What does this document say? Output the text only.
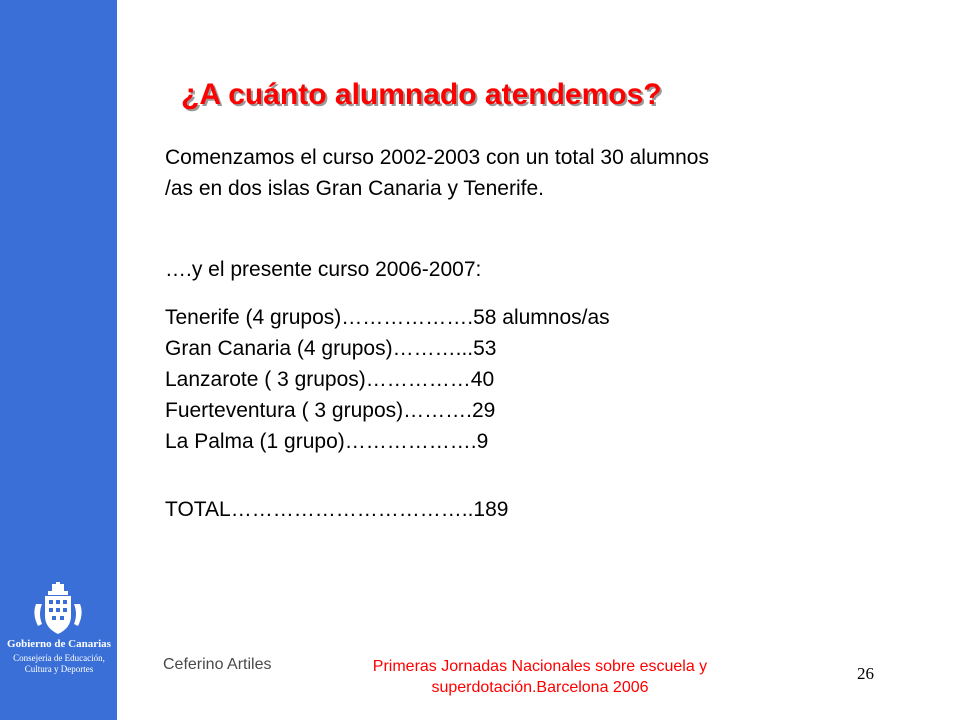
Gobierno de Canarias
Consejería de Educación,
Cultura y Deportes
¿A cuánto alumnado atendemos?
Comenzamos el curso 2002-2003 con un total 30 alumnos
/as en dos islas Gran Canaria y Tenerife.
….y el presente curso 2006-2007:
Tenerife (4 grupos)……………….58 alumnos/as
Gran Canaria (4 grupos)………...53
Lanzarote ( 3 grupos)……………40
Fuerteventura ( 3 grupos)……….29
La Palma (1 grupo)……………….9
TOTAL……………………………..189
Ceferino Artiles	Primeras Jornadas Nacionales sobre escuela y
superdotación.Barcelona 2006
26
